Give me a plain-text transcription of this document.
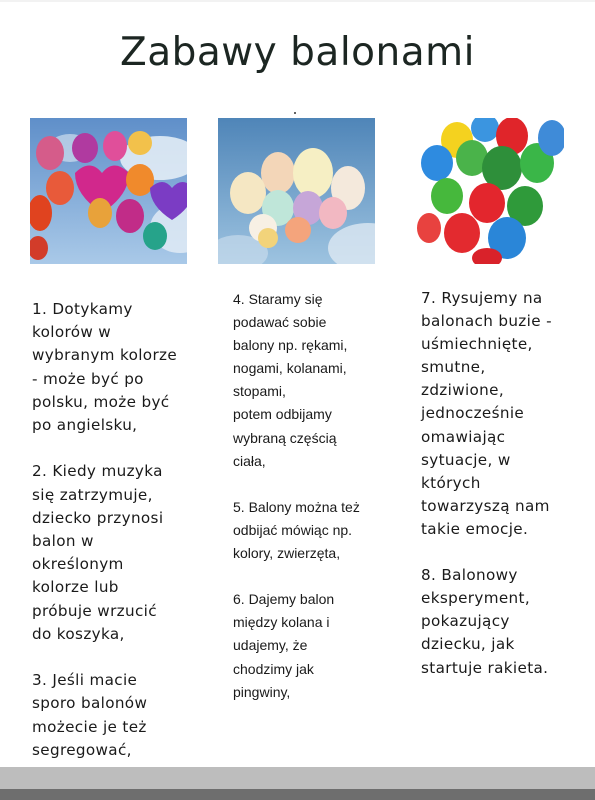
Zabawy balonami
1. Dotykamy
kolorów w
wybranym kolorze
- może być po
polsku, może być
po angielsku,

2. Kiedy muzyka
się zatrzymuje,
dziecko przynosi
balon w
określonym
kolorze lub
próbuje wrzucić
do koszyka,

3. Jeśli macie
sporo balonów
możecie je też
segregować,
4. Staramy się
podawać sobie
balony np. rękami,
nogami, kolanami,
stopami,
potem odbijamy
wybraną częścią
ciała,

5. Balony można też
odbijać mówiąc np.
kolory, zwierzęta,

6. Dajemy balon
między kolana i
udajemy, że
chodzimy jak
pingwiny,
7. Rysujemy na
balonach buzie -
uśmiechnięte,
smutne,
zdziwione,
jednocześnie
omawiając
sytuacje, w
których
towarzyszą nam
takie emocje.

8. Balonowy
eksperyment,
pokazujący
dziecku, jak
startuje rakieta.
